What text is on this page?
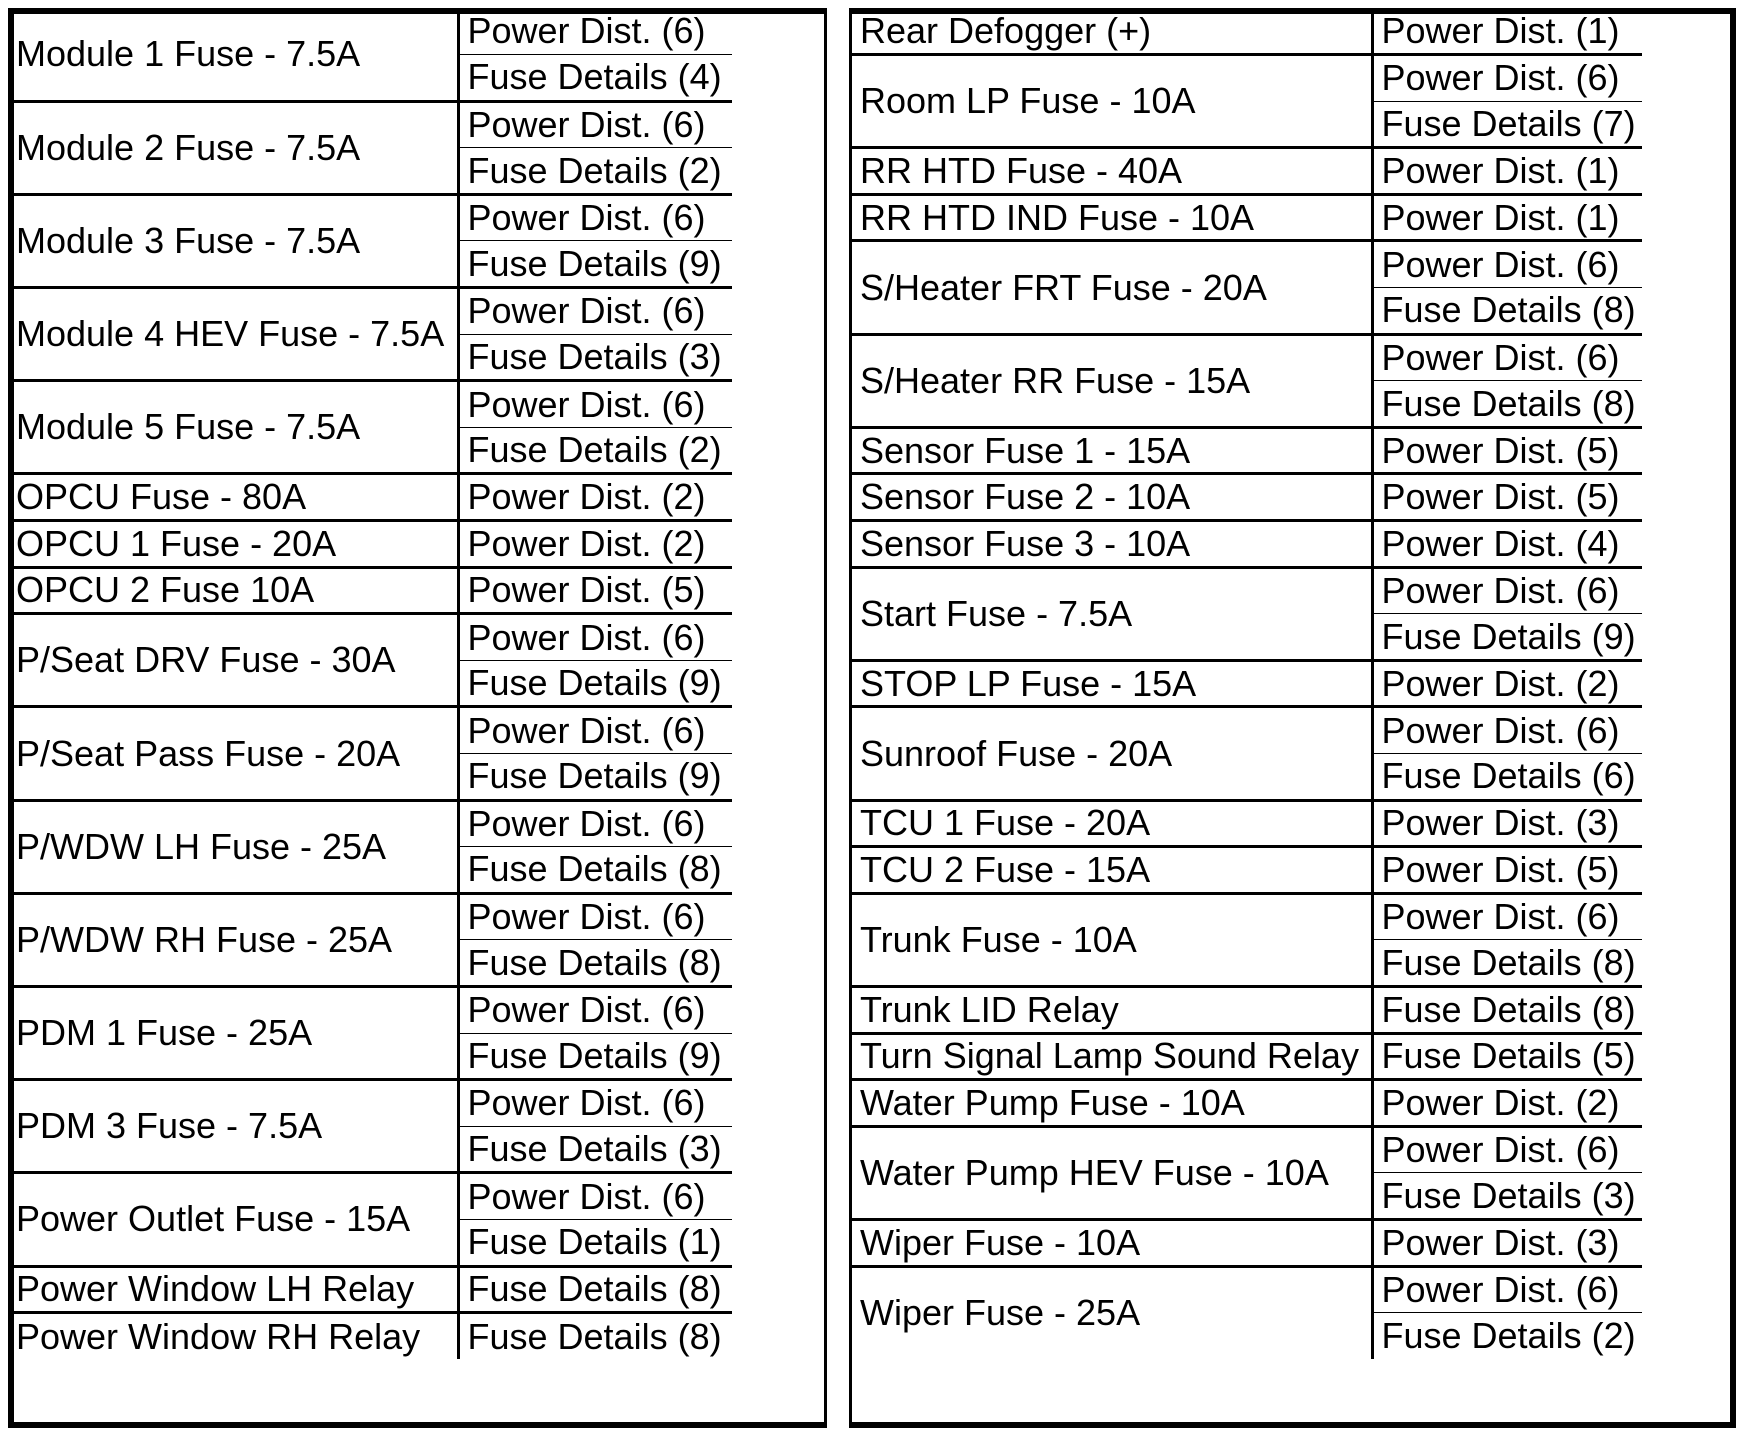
Module 1 Fuse - 7.5A	Power Dist. (6)
	Fuse Details (4)
Module 2 Fuse - 7.5A	Power Dist. (6)
	Fuse Details (2)
Module 3 Fuse - 7.5A	Power Dist. (6)
	Fuse Details (9)
Module 4 HEV Fuse - 7.5A	Power Dist. (6)
	Fuse Details (3)
Module 5 Fuse - 7.5A	Power Dist. (6)
	Fuse Details (2)
OPCU Fuse - 80A	Power Dist. (2)
OPCU 1 Fuse - 20A	Power Dist. (2)
OPCU 2 Fuse 10A	Power Dist. (5)
P/Seat DRV Fuse - 30A	Power Dist. (6)
	Fuse Details (9)
P/Seat Pass Fuse - 20A	Power Dist. (6)
	Fuse Details (9)
P/WDW LH Fuse - 25A	Power Dist. (6)
	Fuse Details (8)
P/WDW RH Fuse - 25A	Power Dist. (6)
	Fuse Details (8)
PDM 1 Fuse - 25A	Power Dist. (6)
	Fuse Details (9)
PDM 3 Fuse - 7.5A	Power Dist. (6)
	Fuse Details (3)
Power Outlet Fuse - 15A	Power Dist. (6)
	Fuse Details (1)
Power Window LH Relay	Fuse Details (8)
Power Window RH Relay	Fuse Details (8)
Rear Defogger (+)	Power Dist. (1)
Room LP Fuse - 10A	Power Dist. (6)
	Fuse Details (7)
RR HTD Fuse - 40A	Power Dist. (1)
RR HTD IND Fuse - 10A	Power Dist. (1)
S/Heater FRT Fuse - 20A	Power Dist. (6)
	Fuse Details (8)
S/Heater RR Fuse - 15A	Power Dist. (6)
	Fuse Details (8)
Sensor Fuse 1 - 15A	Power Dist. (5)
Sensor Fuse 2 - 10A	Power Dist. (5)
Sensor Fuse 3 - 10A	Power Dist. (4)
Start Fuse - 7.5A	Power Dist. (6)
	Fuse Details (9)
STOP LP Fuse - 15A	Power Dist. (2)
Sunroof Fuse - 20A	Power Dist. (6)
	Fuse Details (6)
TCU 1 Fuse - 20A	Power Dist. (3)
TCU 2 Fuse - 15A	Power Dist. (5)
Trunk Fuse - 10A	Power Dist. (6)
	Fuse Details (8)
Trunk LID Relay	Fuse Details (8)
Turn Signal Lamp Sound Relay	Fuse Details (5)
Water Pump Fuse - 10A	Power Dist. (2)
Water Pump HEV Fuse - 10A	Power Dist. (6)
	Fuse Details (3)
Wiper Fuse - 10A	Power Dist. (3)
Wiper Fuse - 25A	Power Dist. (6)
	Fuse Details (2)
